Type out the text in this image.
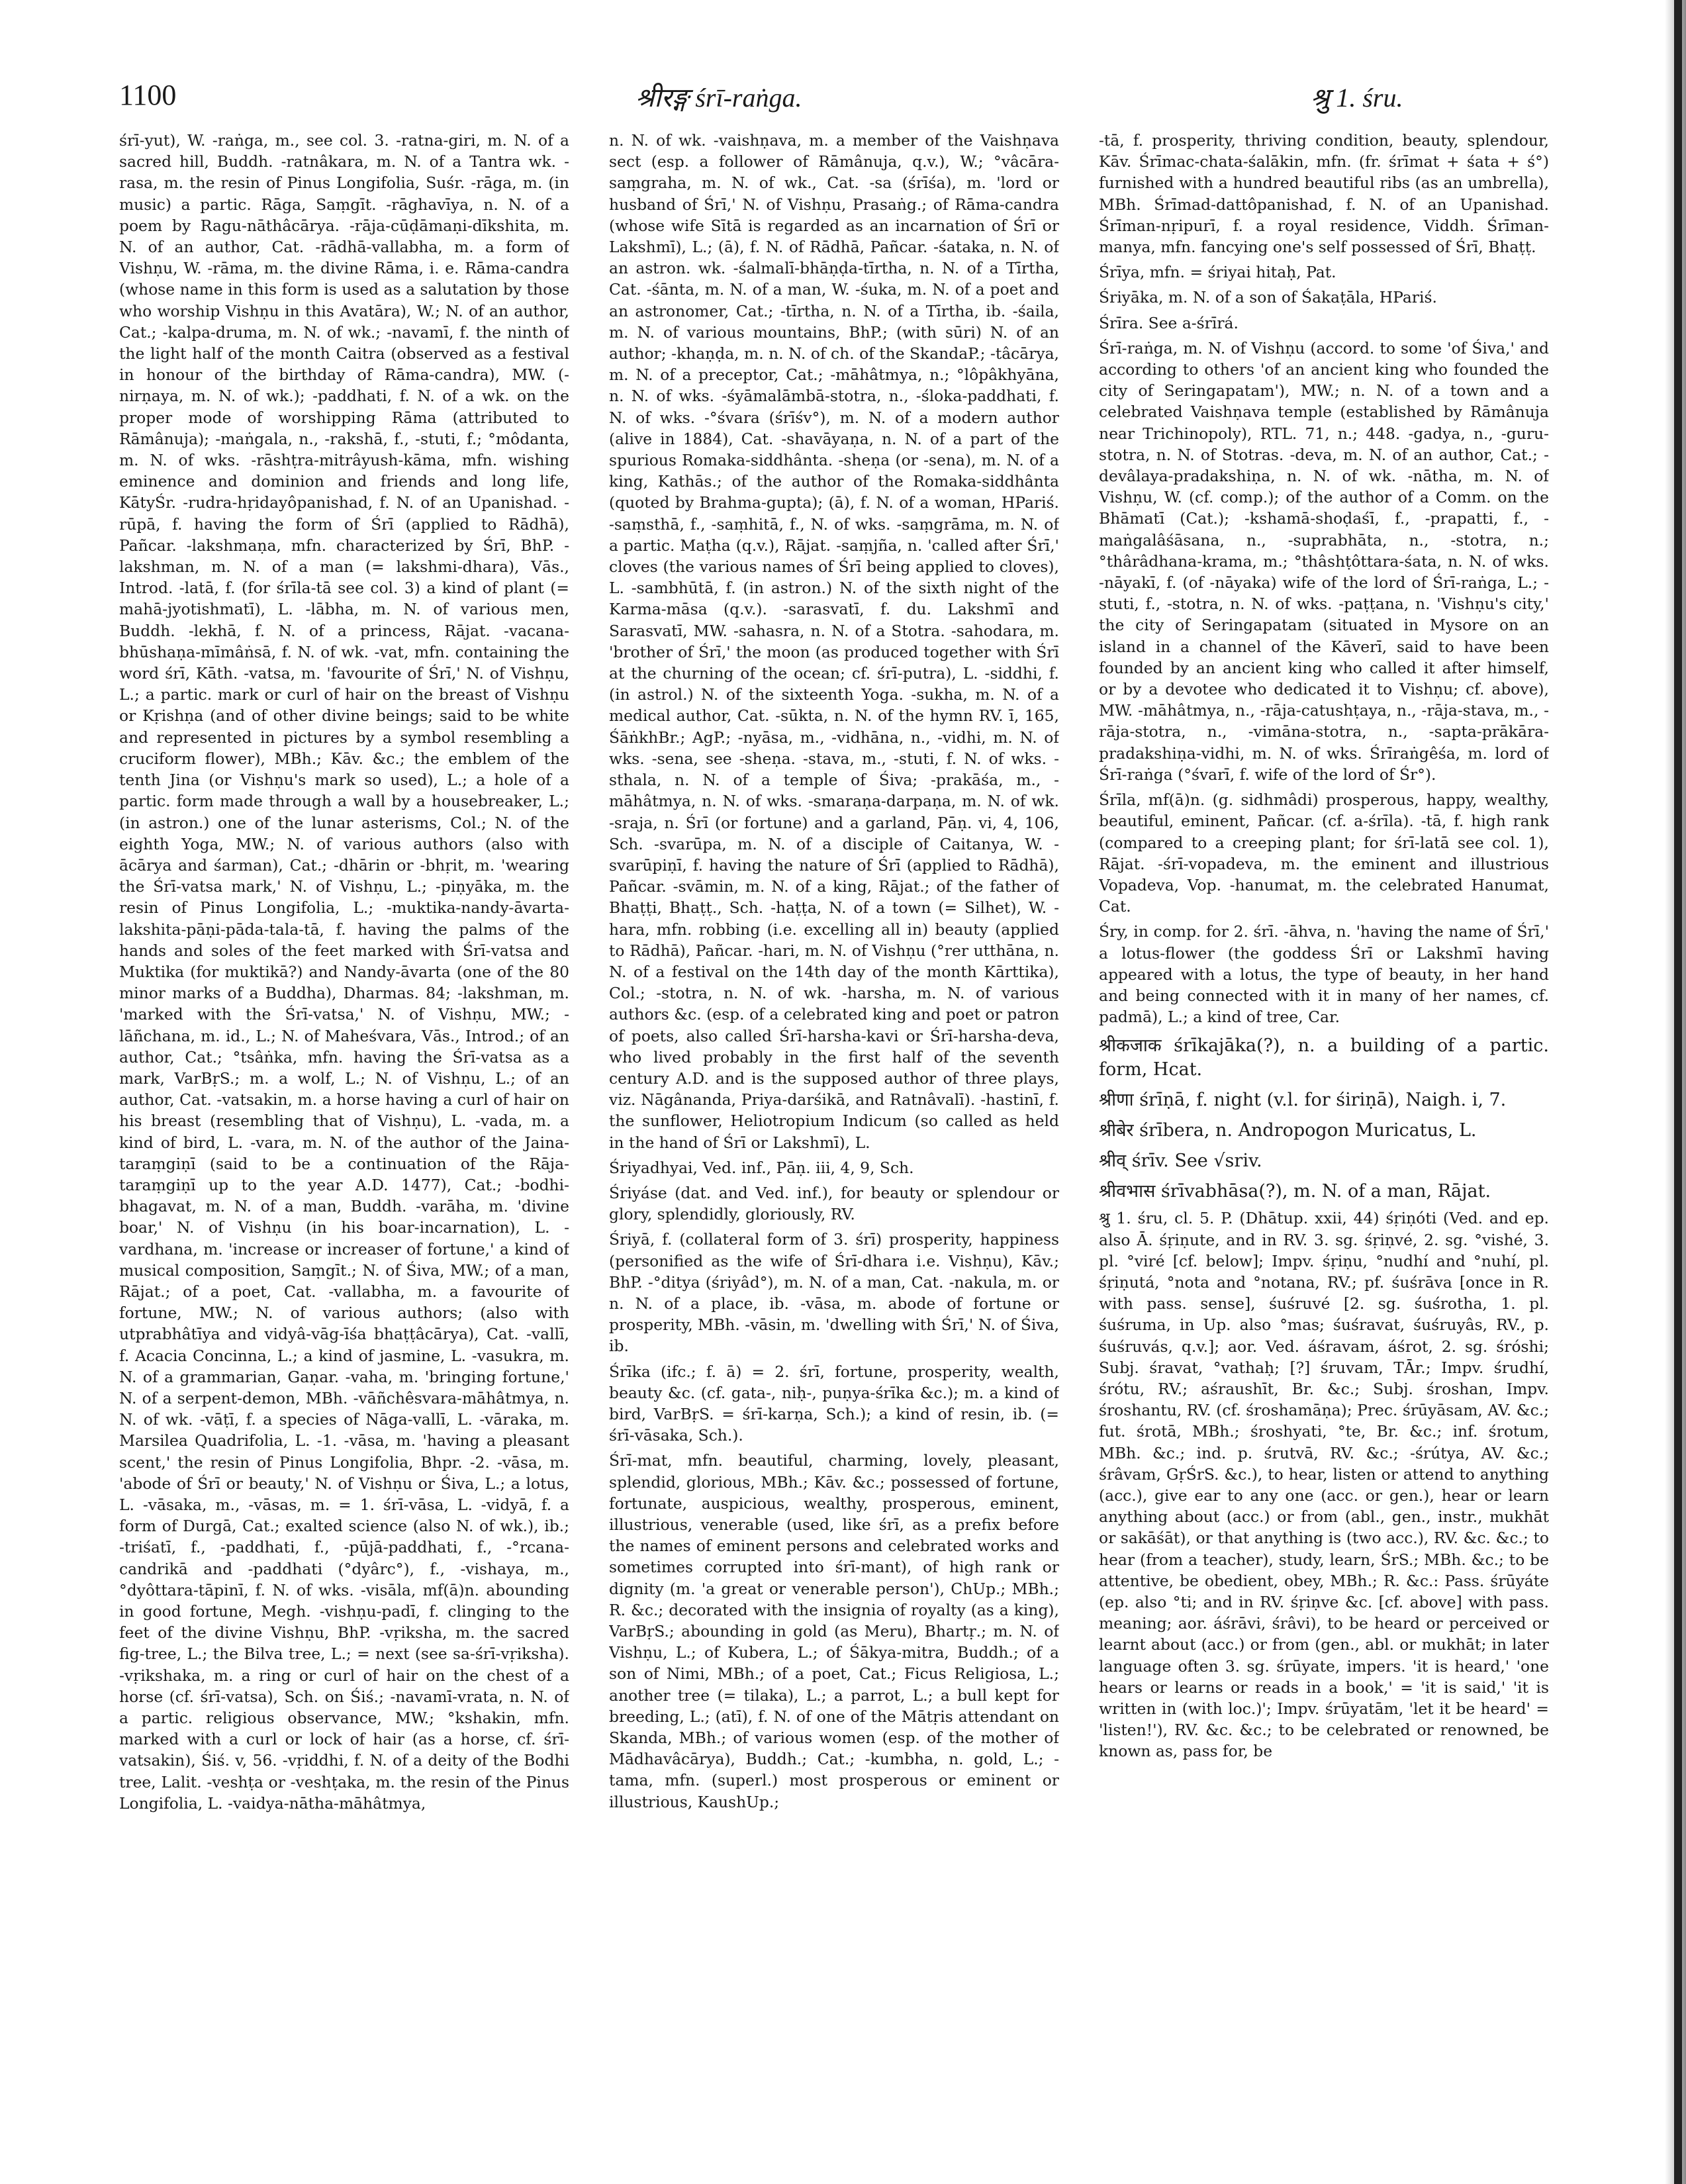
1100	श्रीरङ्ग śrī-raṅga.	श्रु 1. śru.

śrī-yut), W. -raṅga, m., see col. 3. -ratna-giri, m. N. of a sacred hill, Buddh. -ratnâkara, m. N. of a Tantra wk. -rasa, m. the resin of Pinus Longifolia, Suśr. -rāga, m. (in music) a partic. Rāga, Saṃgīt. -rāghavīya, n. N. of a poem by Ragu-nāthâcārya. -rāja-cūḍāmaṇi-dīkshita, m. N. of an author, Cat. -rādhā-vallabha, m. a form of Vishṇu, W. -rāma, m. the divine Rāma, i. e. Rāma-candra (whose name in this form is used as a salutation by those who worship Vishṇu in this Avatāra), W.; N. of an author, Cat.; -kalpa-druma, m. N. of wk.; -navamī, f. the ninth of the light half of the month Caitra (observed as a festival in honour of the birthday of Rāma-candra), MW. (-nirṇaya, m. N. of wk.); -paddhati, f. N. of a wk. on the proper mode of worshipping Rāma (attributed to Rāmânuja); -maṅgala, n., -rakshā, f., -stuti, f.; °môdanta, m. N. of wks. -rāshṭra-mitrâyush-kāma, mfn. wishing eminence and dominion and friends and long life, KātyŚr. -rudra-hṛidayôpanishad, f. N. of an Upanishad. -rūpā, f. having the form of Śrī (applied to Rādhā), Pañcar. -lakshmaṇa, mfn. characterized by Śrī, BhP. -lakshman, m. N. of a man (= lakshmi-dhara), Vās., Introd. -latā, f. (for śrīla-tā see col. 3) a kind of plant (= mahā-jyotishmatī), L. -lābha, m. N. of various men, Buddh. -lekhā, f. N. of a princess, Rājat. -vacana-bhūshaṇa-mīmâṅsā, f. N. of wk. -vat, mfn. containing the word śrī, Kāth. -vatsa, m. 'favourite of Śrī,' N. of Vishṇu, L.; a partic. mark or curl of hair on the breast of Vishṇu or Kṛishṇa (and of other divine beings; said to be white and represented in pictures by a symbol resembling a cruciform flower), MBh.; Kāv. &c.; the emblem of the tenth Jina (or Vishṇu's mark so used), L.; a hole of a partic. form made through a wall by a housebreaker, L.; (in astron.) one of the lunar asterisms, Col.; N. of the eighth Yoga, MW.; N. of various authors (also with ācārya and śarman), Cat.; -dhārin or -bhṛit, m. 'wearing the Śrī-vatsa mark,' N. of Vishṇu, L.; -piṇyāka, m. the resin of Pinus Longifolia, L.; -muktika-nandy-āvarta-lakshita-pāṇi-pāda-tala-tā, f. having the palms of the hands and soles of the feet marked with Śrī-vatsa and Muktika (for muktikā?) and Nandy-āvarta (one of the 80 minor marks of a Buddha), Dharmas. 84; -lakshman, m. 'marked with the Śrī-vatsa,' N. of Vishṇu, MW.; -lāñchana, m. id., L.; N. of Maheśvara, Vās., Introd.; of an author, Cat.; °tsâṅka, mfn. having the Śrī-vatsa as a mark, VarBṛS.; m. a wolf, L.; N. of Vishṇu, L.; of an author, Cat. -vatsakin, m. a horse having a curl of hair on his breast (resembling that of Vishṇu), L. -vada, m. a kind of bird, L. -vara, m. N. of the author of the Jaina-taraṃgiṇī (said to be a continuation of the Rāja-taraṃgiṇī up to the year A.D. 1477), Cat.; -bodhi-bhagavat, m. N. of a man, Buddh. -varāha, m. 'divine boar,' N. of Vishṇu (in his boar-incarnation), L. -vardhana, m. 'increase or increaser of fortune,' a kind of musical composition, Saṃgīt.; N. of Śiva, MW.; of a man, Rājat.; of a poet, Cat. -vallabha, m. a favourite of fortune, MW.; N. of various authors; (also with utprabhâtīya and vidyâ-vāg-īśa bhaṭṭâcārya), Cat. -vallī, f. Acacia Concinna, L.; a kind of jasmine, L. -vasukra, m. N. of a grammarian, Gaṇar. -vaha, m. 'bringing fortune,' N. of a serpent-demon, MBh. -vāñchêsvara-māhâtmya, n. N. of wk. -vāṭī, f. a species of Nāga-vallī, L. -vāraka, m. Marsilea Quadrifolia, L. -1. -vāsa, m. 'having a pleasant scent,' the resin of Pinus Longifolia, Bhpr. -2. -vāsa, m. 'abode of Śrī or beauty,' N. of Vishṇu or Śiva, L.; a lotus, L. -vāsaka, m., -vāsas, m. = 1. śrī-vāsa, L. -vidyā, f. a form of Durgā, Cat.; exalted science (also N. of wk.), ib.; -triśatī, f., -paddhati, f., -pūjā-paddhati, f., -°rcana-candrikā and -paddhati (°dyârc°), f., -vishaya, m., °dyôttara-tāpinī, f. N. of wks. -visāla, mf(ā)n. abounding in good fortune, Megh. -vishṇu-padī, f. clinging to the feet of the divine Vishṇu, BhP. -vṛiksha, m. the sacred fig-tree, L.; the Bilva tree, L.; = next (see sa-śrī-vṛiksha). -vṛikshaka, m. a ring or curl of hair on the chest of a horse (cf. śrī-vatsa), Sch. on Śiś.; -navamī-vrata, n. N. of a partic. religious observance, MW.; °kshakin, mfn. marked with a curl or lock of hair (as a horse, cf. śrī-vatsakin), Śiś. v, 56. -vṛiddhi, f. N. of a deity of the Bodhi tree, Lalit. -veshṭa or -veshṭaka, m. the resin of the Pinus Longifolia, L. -vaidya-nātha-māhâtmya,

n. N. of wk. -vaishṇava, m. a member of the Vaishṇava sect (esp. a follower of Rāmânuja, q.v.), W.; °vâcāra-saṃgraha, m. N. of wk., Cat. -sa (śrīśa), m. 'lord or husband of Śrī,' N. of Vishṇu, Prasaṅg.; of Rāma-candra (whose wife Sītā is regarded as an incarnation of Śrī or Lakshmī), L.; (ā), f. N. of Rādhā, Pañcar. -śataka, n. N. of an astron. wk. -śalmalī-bhāṇḍa-tīrtha, n. N. of a Tīrtha, Cat. -śānta, m. N. of a man, W. -śuka, m. N. of a poet and an astronomer, Cat.; -tīrtha, n. N. of a Tīrtha, ib. -śaila, m. N. of various mountains, BhP.; (with sūri) N. of an author; -khaṇḍa, m. n. N. of ch. of the SkandaP.; -tâcārya, m. N. of a preceptor, Cat.; -māhâtmya, n.; °lôpâkhyāna, n. N. of wks. -śyāmalāmbā-stotra, n., -śloka-paddhati, f. N. of wks. -°śvara (śrīśv°), m. N. of a modern author (alive in 1884), Cat. -shavāyaṇa, n. N. of a part of the spurious Romaka-siddhânta. -sheṇa (or -sena), m. N. of a king, Kathās.; of the author of the Romaka-siddhânta (quoted by Brahma-gupta); (ā), f. N. of a woman, HPariś. -saṃsthā, f., -saṃhitā, f., N. of wks. -saṃgrāma, m. N. of a partic. Maṭha (q.v.), Rājat. -saṃjña, n. 'called after Śrī,' cloves (the various names of Śrī being applied to cloves), L. -sambhūtā, f. (in astron.) N. of the sixth night of the Karma-māsa (q.v.). -sarasvatī, f. du. Lakshmī and Sarasvatī, MW. -sahasra, n. N. of a Stotra. -sahodara, m. 'brother of Śrī,' the moon (as produced together with Śrī at the churning of the ocean; cf. śrī-putra), L. -siddhi, f. (in astrol.) N. of the sixteenth Yoga. -sukha, m. N. of a medical author, Cat. -sūkta, n. N. of the hymn RV. ī, 165, ŚāṅkhBr.; AgP.; -nyāsa, m., -vidhāna, n., -vidhi, m. N. of wks. -sena, see -sheṇa. -stava, m., -stuti, f. N. of wks. -sthala, n. N. of a temple of Śiva; -prakāśa, m., -māhâtmya, n. N. of wks. -smaraṇa-darpaṇa, m. N. of wk. -sraja, n. Śrī (or fortune) and a garland, Pāṇ. vi, 4, 106, Sch. -svarūpa, m. N. of a disciple of Caitanya, W. -svarūpiṇī, f. having the nature of Śrī (applied to Rādhā), Pañcar. -svāmin, m. N. of a king, Rājat.; of the father of Bhaṭṭi, Bhaṭṭ., Sch. -haṭṭa, N. of a town (= Silhet), W. -hara, mfn. robbing (i.e. excelling all in) beauty (applied to Rādhā), Pañcar. -hari, m. N. of Vishṇu (°rer utthāna, n. N. of a festival on the 14th day of the month Kārttika), Col.; -stotra, n. N. of wk. -harsha, m. N. of various authors &c. (esp. of a celebrated king and poet or patron of poets, also called Śrī-harsha-kavi or Śrī-harsha-deva, who lived probably in the first half of the seventh century A.D. and is the supposed author of three plays, viz. Nāgânanda, Priya-darśikā, and Ratnâvalī). -hastinī, f. the sunflower, Heliotropium Indicum (so called as held in the hand of Śrī or Lakshmī), L.

Śriyadhyai, Ved. inf., Pāṇ. iii, 4, 9, Sch.

Śriyáse (dat. and Ved. inf.), for beauty or splendour or glory, splendidly, gloriously, RV.

Śriyā, f. (collateral form of 3. śrī) prosperity, happiness (personified as the wife of Śrī-dhara i.e. Vishṇu), Kāv.; BhP. -°ditya (śriyâd°), m. N. of a man, Cat. -nakula, m. or n. N. of a place, ib. -vāsa, m. abode of fortune or prosperity, MBh. -vāsin, m. 'dwelling with Śrī,' N. of Śiva, ib.

Śrīka (ifc.; f. ā) = 2. śrī, fortune, prosperity, wealth, beauty &c. (cf. gata-, niḥ-, puṇya-śrīka &c.); m. a kind of bird, VarBṛS. = śrī-karṇa, Sch.); a kind of resin, ib. (= śrī-vāsaka, Sch.).

Śrī-mat, mfn. beautiful, charming, lovely, pleasant, splendid, glorious, MBh.; Kāv. &c.; possessed of fortune, fortunate, auspicious, wealthy, prosperous, eminent, illustrious, venerable (used, like śrī, as a prefix before the names of eminent persons and celebrated works and sometimes corrupted into śrī-mant), of high rank or dignity (m. 'a great or venerable person'), ChUp.; MBh.; R. &c.; decorated with the insignia of royalty (as a king), VarBṛS.; abounding in gold (as Meru), Bhartṛ.; m. N. of Vishṇu, L.; of Kubera, L.; of Śākya-mitra, Buddh.; of a son of Nimi, MBh.; of a poet, Cat.; Ficus Religiosa, L.; another tree (= tilaka), L.; a parrot, L.; a bull kept for breeding, L.; (atī), f. N. of one of the Mātṛis attendant on Skanda, MBh.; of various women (esp. of the mother of Mādhavâcārya), Buddh.; Cat.; -kumbha, n. gold, L.; -tama, mfn. (superl.) most prosperous or eminent or illustrious, KaushUp.;

-tā, f. prosperity, thriving condition, beauty, splendour, Kāv. Śrīmac-chata-śalākin, mfn. (fr. śrīmat + śata + ś°) furnished with a hundred beautiful ribs (as an umbrella), MBh. Śrīmad-dattôpanishad, f. N. of an Upanishad. Śrīman-nṛipurī, f. a royal residence, Viddh. Śrīman-manya, mfn. fancying one's self possessed of Śrī, Bhaṭṭ.

Śrīya, mfn. = śriyai hitaḥ, Pat.

Śriyāka, m. N. of a son of Śakaṭāla, HPariś.

Śrīra. See a-śrīrá.

Śrī-raṅga, m. N. of Vishṇu (accord. to some 'of Śiva,' and according to others 'of an ancient king who founded the city of Seringapatam'), MW.; n. N. of a town and a celebrated Vaishṇava temple (established by Rāmânuja near Trichinopoly), RTL. 71, n.; 448. -gadya, n., -guru-stotra, n. N. of Stotras. -deva, m. N. of an author, Cat.; -devâlaya-pradakshiṇa, n. N. of wk. -nātha, m. N. of Vishṇu, W. (cf. comp.); of the author of a Comm. on the Bhāmatī (Cat.); -kshamā-shoḍaśī, f., -prapatti, f., -maṅgalâśāsana, n., -suprabhāta, n., -stotra, n.; °thârâdhana-krama, m.; °thâshṭôttara-śata, n. N. of wks. -nāyakī, f. (of -nāyaka) wife of the lord of Śrī-raṅga, L.; -stuti, f., -stotra, n. N. of wks. -paṭṭana, n. 'Vishṇu's city,' the city of Seringapatam (situated in Mysore on an island in a channel of the Kāverī, said to have been founded by an ancient king who called it after himself, or by a devotee who dedicated it to Vishṇu; cf. above), MW. -māhâtmya, n., -rāja-catushṭaya, n., -rāja-stava, m., -rāja-stotra, n., -vimāna-stotra, n., -sapta-prākāra-pradakshiṇa-vidhi, m. N. of wks. Śrīraṅgêśa, m. lord of Śrī-raṅga (°śvarī, f. wife of the lord of Śr°).

Śrīla, mf(ā)n. (g. sidhmâdi) prosperous, happy, wealthy, beautiful, eminent, Pañcar. (cf. a-śrīla). -tā, f. high rank (compared to a creeping plant; for śrī-latā see col. 1), Rājat. -śrī-vopadeva, m. the eminent and illustrious Vopadeva, Vop. -hanumat, m. the celebrated Hanumat, Cat.

Śry, in comp. for 2. śrī. -āhva, n. 'having the name of Śrī,' a lotus-flower (the goddess Śrī or Lakshmī having appeared with a lotus, the type of beauty, in her hand and being connected with it in many of her names, cf. padmā), L.; a kind of tree, Car.

श्रीकजाक śrīkajāka(?), n. a building of a partic. form, Hcat.

श्रीणा śrīṇā, f. night (v.l. for śiriṇā), Naigh. i, 7.

श्रीबेर śrībera, n. Andropogon Muricatus, L.

श्रीव् śrīv. See √sriv.

श्रीवभास śrīvabhāsa(?), m. N. of a man, Rājat.

श्रु 1. śru, cl. 5. P. (Dhātup. xxii, 44) śṛiṇóti (Ved. and ep. also Ā. śṛiṇute, and in RV. 3. sg. śṛiṇvé, 2. sg. °vishé, 3. pl. °viré [cf. below]; Impv. śṛiṇu, °nudhí and °nuhí, pl. śṛiṇutá, °nota and °notana, RV.; pf. śuśrāva [once in R. with pass. sense], śuśruvé [2. sg. śuśrotha, 1. pl. śuśruma, in Up. also °mas; śuśravat, śuśruyâs, RV., p. śuśruvás, q.v.]; aor. Ved. áśravam, áśrot, 2. sg. śróshi; Subj. śravat, °vathaḥ; [?] śruvam, TĀr.; Impv. śrudhí, śrótu, RV.; aśraushīt, Br. &c.; Subj. śroshan, Impv. śroshantu, RV. (cf. śroshamāṇa); Prec. śrūyāsam, AV. &c.; fut. śrotā, MBh.; śroshyati, °te, Br. &c.; inf. śrotum, MBh. &c.; ind. p. śrutvā, RV. &c.; -śrútya, AV. &c.; śrâvam, GṛŚrS. &c.), to hear, listen or attend to anything (acc.), give ear to any one (acc. or gen.), hear or learn anything about (acc.) or from (abl., gen., instr., mukhāt or sakāśāt), or that anything is (two acc.), RV. &c. &c.; to hear (from a teacher), study, learn, ŚrS.; MBh. &c.; to be attentive, be obedient, obey, MBh.; R. &c.: Pass. śrūyáte (ep. also °ti; and in RV. śṛiṇve &c. [cf. above] with pass. meaning; aor. áśrāvi, śrâvi), to be heard or perceived or learnt about (acc.) or from (gen., abl. or mukhāt; in later language often 3. sg. śrūyate, impers. 'it is heard,' 'one hears or learns or reads in a book,' = 'it is said,' 'it is written in (with loc.)'; Impv. śrūyatām, 'let it be heard' = 'listen!'), RV. &c. &c.; to be celebrated or renowned, be known as, pass for, be
